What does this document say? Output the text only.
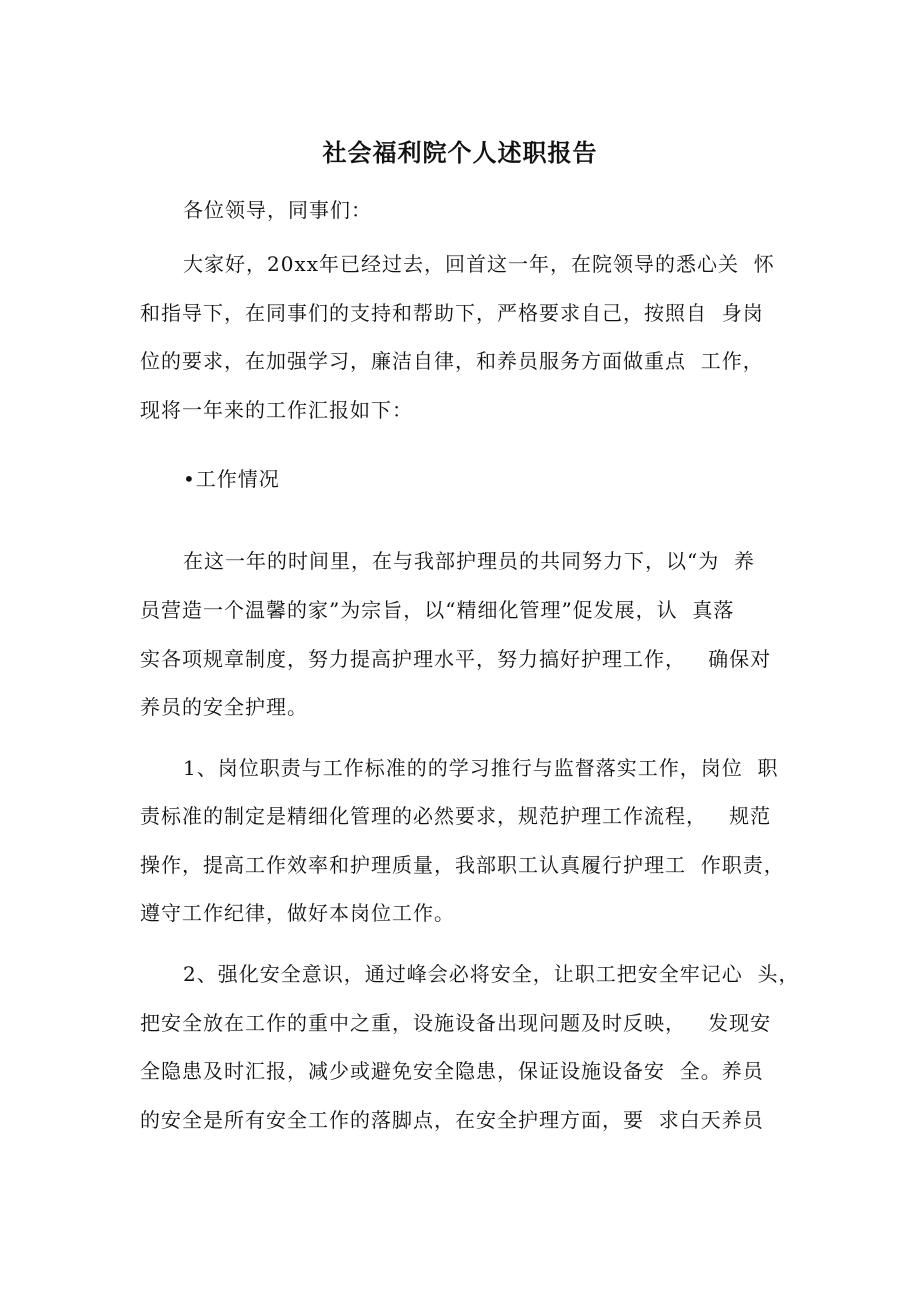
社会福利院个人述职报告
各位领导，同事们：
大家好，20xx年已经过去，回首这一年，在院领导的悉心关  怀
和指导下，在同事们的支持和帮助下，严格要求自己，按照自  身岗
位的要求，在加强学习，廉洁自律，和养员服务方面做重点  工作，
现将一年来的工作汇报如下：
•工作情况
在这一年的时间里，在与我部护理员的共同努力下，以“为  养
员营造一个温馨的家”为宗旨，以“精细化管理”促发展，认  真落
实各项规章制度，努力提高护理水平，努力搞好护理工作，   确保对
养员的安全护理。
1、岗位职责与工作标准的的学习推行与监督落实工作，岗位  职
责标准的制定是精细化管理的必然要求，规范护理工作流程，   规范
操作，提高工作效率和护理质量，我部职工认真履行护理工  作职责，
遵守工作纪律，做好本岗位工作。
2、强化安全意识，通过峰会必将安全，让职工把安全牢记心  头，
把安全放在工作的重中之重，设施设备出现问题及时反映，   发现安
全隐患及时汇报，减少或避免安全隐患，保证设施设备安  全。养员
的安全是所有安全工作的落脚点，在安全护理方面，要  求白天养员
